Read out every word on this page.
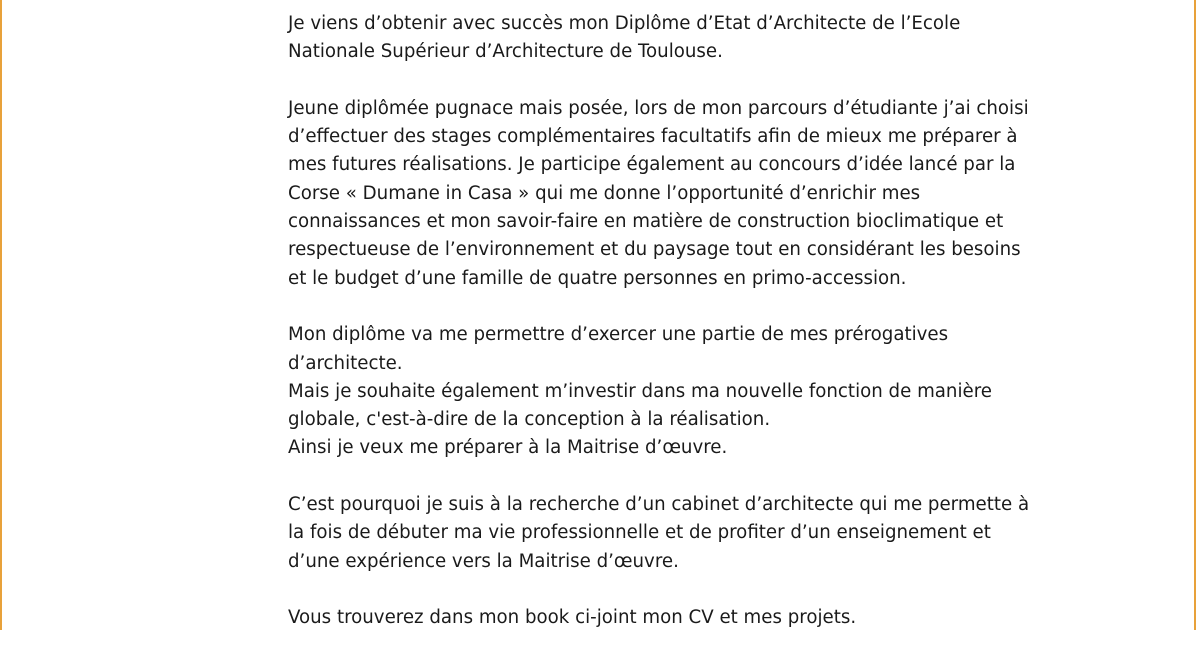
Je viens d’obtenir avec succès mon Diplôme d’Etat d’Architecte de l’Ecole
Nationale Supérieur d’Architecture de Toulouse.

Jeune diplômée pugnace mais posée, lors de mon parcours d’étudiante j’ai choisi
d’effectuer des stages complémentaires facultatifs afin de mieux me préparer à
mes futures réalisations. Je participe également au concours d’idée lancé par la
Corse « Dumane in Casa » qui me donne l’opportunité d’enrichir mes
connaissances et mon savoir-faire en matière de construction bioclimatique et
respectueuse de l’environnement et du paysage tout en considérant les besoins
et le budget d’une famille de quatre personnes en primo-accession.

Mon diplôme va me permettre d’exercer une partie de mes prérogatives
d’architecte.
Mais je souhaite également m’investir dans ma nouvelle fonction de manière
globale, c'est-à-dire de la conception à la réalisation.
Ainsi je veux me préparer à la Maitrise d’œuvre.

C’est pourquoi je suis à la recherche d’un cabinet d’architecte qui me permette à
la fois de débuter ma vie professionnelle et de profiter d’un enseignement et
d’une expérience vers la Maitrise d’œuvre.

Vous trouverez dans mon book ci-joint mon CV et mes projets.
